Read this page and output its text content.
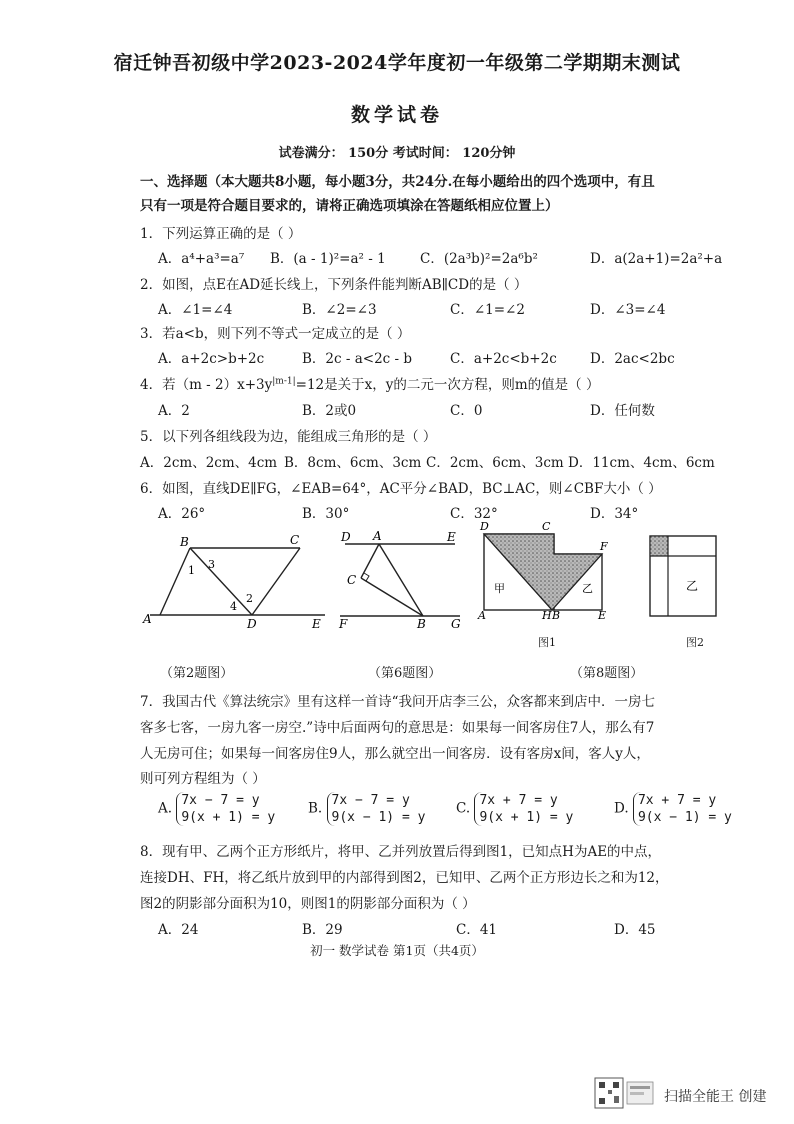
宿迁钟吾初级中学2023-2024学年度初一年级第二学期期末测试
数学试卷
试卷满分： 150分 考试时间： 120分钟
一、选择题（本大题共8小题，每小题3分，共24分.在每小题给出的四个选项中，有且
只有一项是符合题目要求的，请将正确选项填涂在答题纸相应位置上）
1．下列运算正确的是（ ）
A．a⁴+a³=a⁷ B．(a - 1)²=a² - 1	C．(2a³b)²=2a⁶b²	D．a(2a+1)=2a²+a
2．如图，点E在AD延长线上，下列条件能判断AB∥CD的是（ ）
A．∠1=∠4	B．∠2=∠3	C．∠1=∠2	D．∠3=∠4
3．若a<b，则下列不等式一定成立的是（ ）
A．a+2c>b+2c	B．2c - a<2c - b	C．a+2c<b+2c D．2ac<2bc
4．若$(m - 2)x+3y^{|m-1|}=12$是关于x，y的二元一次方程，则m的值是（ ）
A．2	B．2或0	C．0	D．任何数
5．以下列各组线段为边，能组成三角形的是（ ）
A．2cm、2cm、4cm B．8cm、6cm、3cm C．2cm、6cm、3cm D．11cm、4cm、6cm
6．如图，直线DE∥FG，∠EAB=64°，AC平分∠BAD，BC⊥AC，则∠CBF大小（ ）
A．26°	B．30°	C．32°	D．34°
B	C
1 3
2
4
A	D	E
（第2题图）
D A	E
C
F	B G
（第6题图）
D	C
F
甲	乙
A	H B	E
图1
乙
图2
（第8题图）
7．我国古代《算法统宗》里有这样一首诗“我问开店李三公，众客都来到店中．一房七
客多七客，一房九客一房空.”诗中后面两句的意思是：如果每一间客房住7人，那么有7
人无房可住；如果每一间客房住9人，那么就空出一间客房．设有客房x间，客人y人，
则可列方程组为（ ）
A. 7x − 7 = y
9(x + 1) = y
B. 7x − 7 = y
9(x − 1) = y
C. 7x + 7 = y
9(x + 1) = y
D. 7x + 7 = y
9(x − 1) = y
8．现有甲、乙两个正方形纸片，将甲、乙并列放置后得到图1，已知点H为AE的中点，
连接DH、FH，将乙纸片放到甲的内部得到图2，已知甲、乙两个正方形边长之和为12，
图2的阴影部分面积为10，则图1的阴影部分面积为（ ）
A．24	B．29	C．41	D．45
初一 数学试卷 第1页（共4页）
扫描全能王 创建
